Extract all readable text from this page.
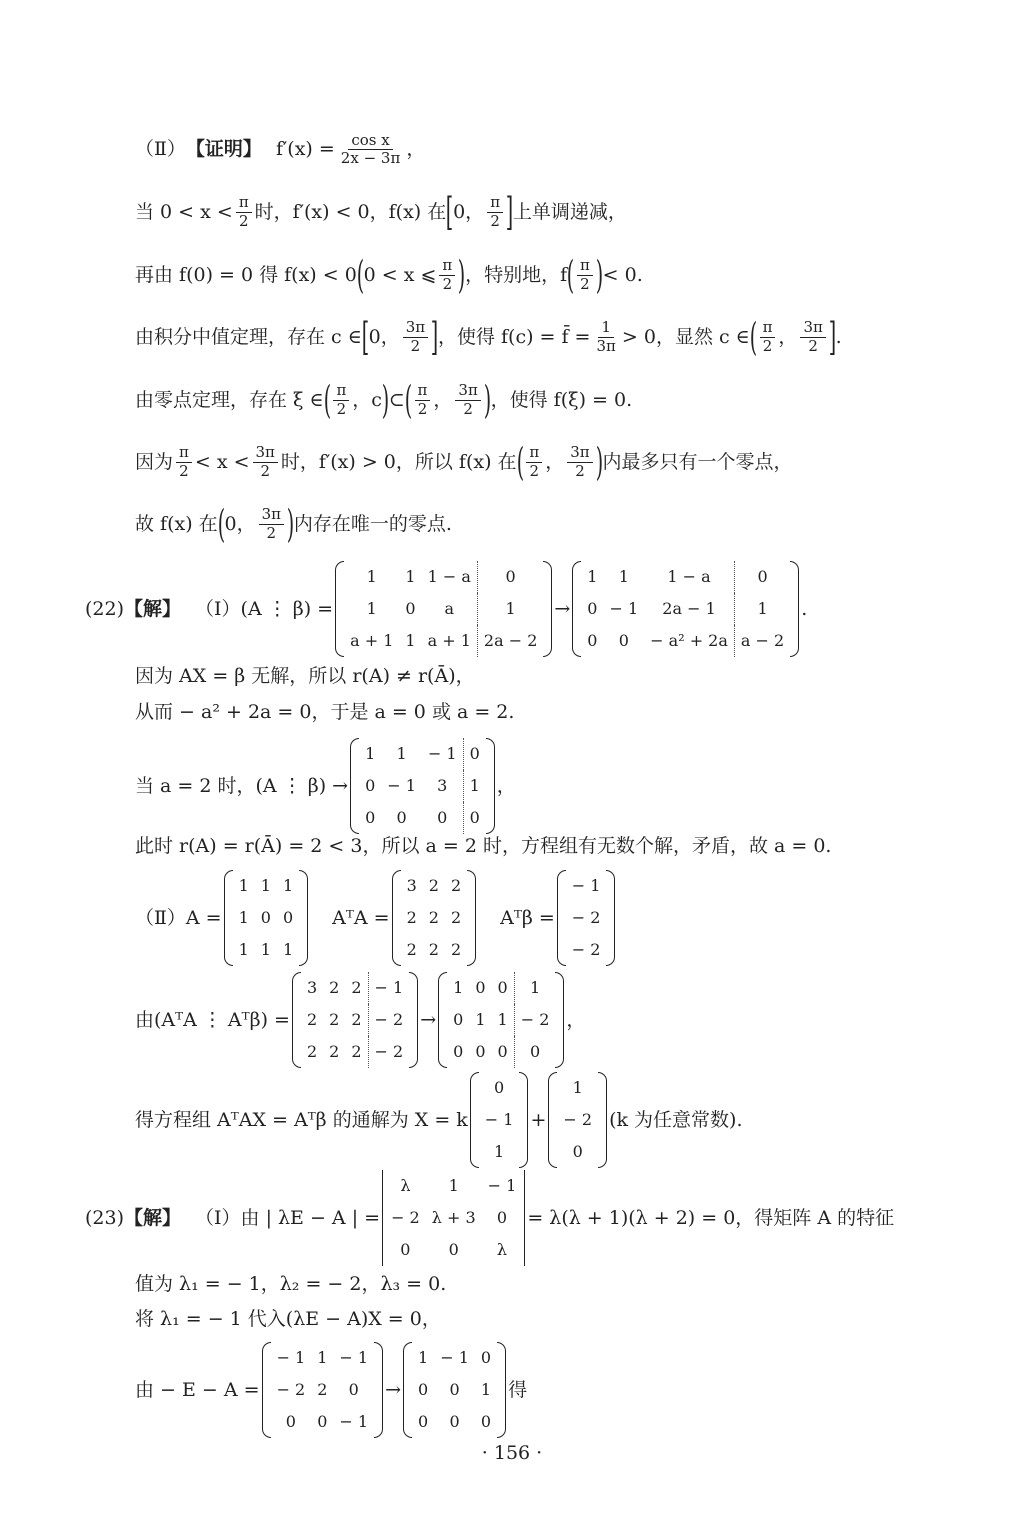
（Ⅱ） 【证明】 $f'(x) = \frac{\text{cos x}}{2x - 3\pi}$ ，
当 $0 < x < \frac{\pi}{2}$ 时，f′(x) < 0，f(x) 在 [ 0， $\frac{\pi}{2}$ ] 上单调递减，
再由 f(0) = 0 得 f(x) < 0 ( 0 < x ⩽ $\frac{\pi}{2}$ ) ，特别地，f ( $\frac{\pi}{2}$ ) < 0.
由积分中值定理，存在 c ∈ [ 0， $\frac{3\pi}{2}$ ] ，使得 f(c) = f̄ = $\frac{1}{3\pi} > 0$，显然 c ∈ ( $\frac{\pi}{2}$ ， $\frac{3\pi}{2}$ ] .
由零点定理，存在 ξ ∈ ( $\frac{\pi}{2}$ ，c ) ⊂ ( $\frac{\pi}{2}$ ， $\frac{3\pi}{2}$ ) ，使得 f(ξ) = 0.
因为 $\frac{\pi}{2} < x < \frac{3\pi}{2}$ 时，f′(x) > 0，所以 f(x) 在 ( $\frac{\pi}{2}$ ， $\frac{3\pi}{2}$ ) 内最多只有一个零点，
故 f(x) 在 ( 0， $\frac{3\pi}{2}$ ) 内存在唯一的零点.
(22) 【解】 （Ⅰ）(A ⋮ β) =
1	1	1 − a	0
1	0	a	1
a + 1	1	a + 1	2a − 2
→
1	1	1 − a	0
0	− 1	2a − 1	1
0	0	− a² + 2a	a − 2
.
因为 AX = β 无解，所以 r(A) ≠ r(Ā)，
从而 − a² + 2a = 0，于是 a = 0 或 a = 2.
当 a = 2 时，(A ⋮ β) →
1	1	− 1	0
0	− 1	3	1
0	0	0	0
，
此时 r(A) = r(Ā) = 2 < 3，所以 a = 2 时，方程组有无数个解，矛盾，故 a = 0.
（Ⅱ）A =
1	1	1
1	0	0
1	1	1
AᵀA =
3	2	2
2	2	2
2	2	2
Aᵀβ =
− 1
− 2
− 2
由(AᵀA ⋮ Aᵀβ) =
3	2	2	− 1
2	2	2	− 2
2	2	2	− 2
→
1	0	0	1
0	1	1	− 2
0	0	0	0
，
得方程组 AᵀAX = Aᵀβ 的通解为 X = k
0
− 1
1
+
1
− 2
0
(k 为任意常数).
(23) 【解】 （Ⅰ）由 | λE − A | =
λ	1	− 1
− 2	λ + 3	0
0	0	λ
= λ(λ + 1)(λ + 2) = 0，得矩阵 A 的特征
值为 λ₁ = − 1，λ₂ = − 2，λ₃ = 0.
将 λ₁ = − 1 代入(λE − A)X = 0，
由 − E − A =
− 1	1	− 1
− 2	2	0
0	0	− 1
→
1	− 1	0
0	0	1
0	0	0
得
· 156 ·
